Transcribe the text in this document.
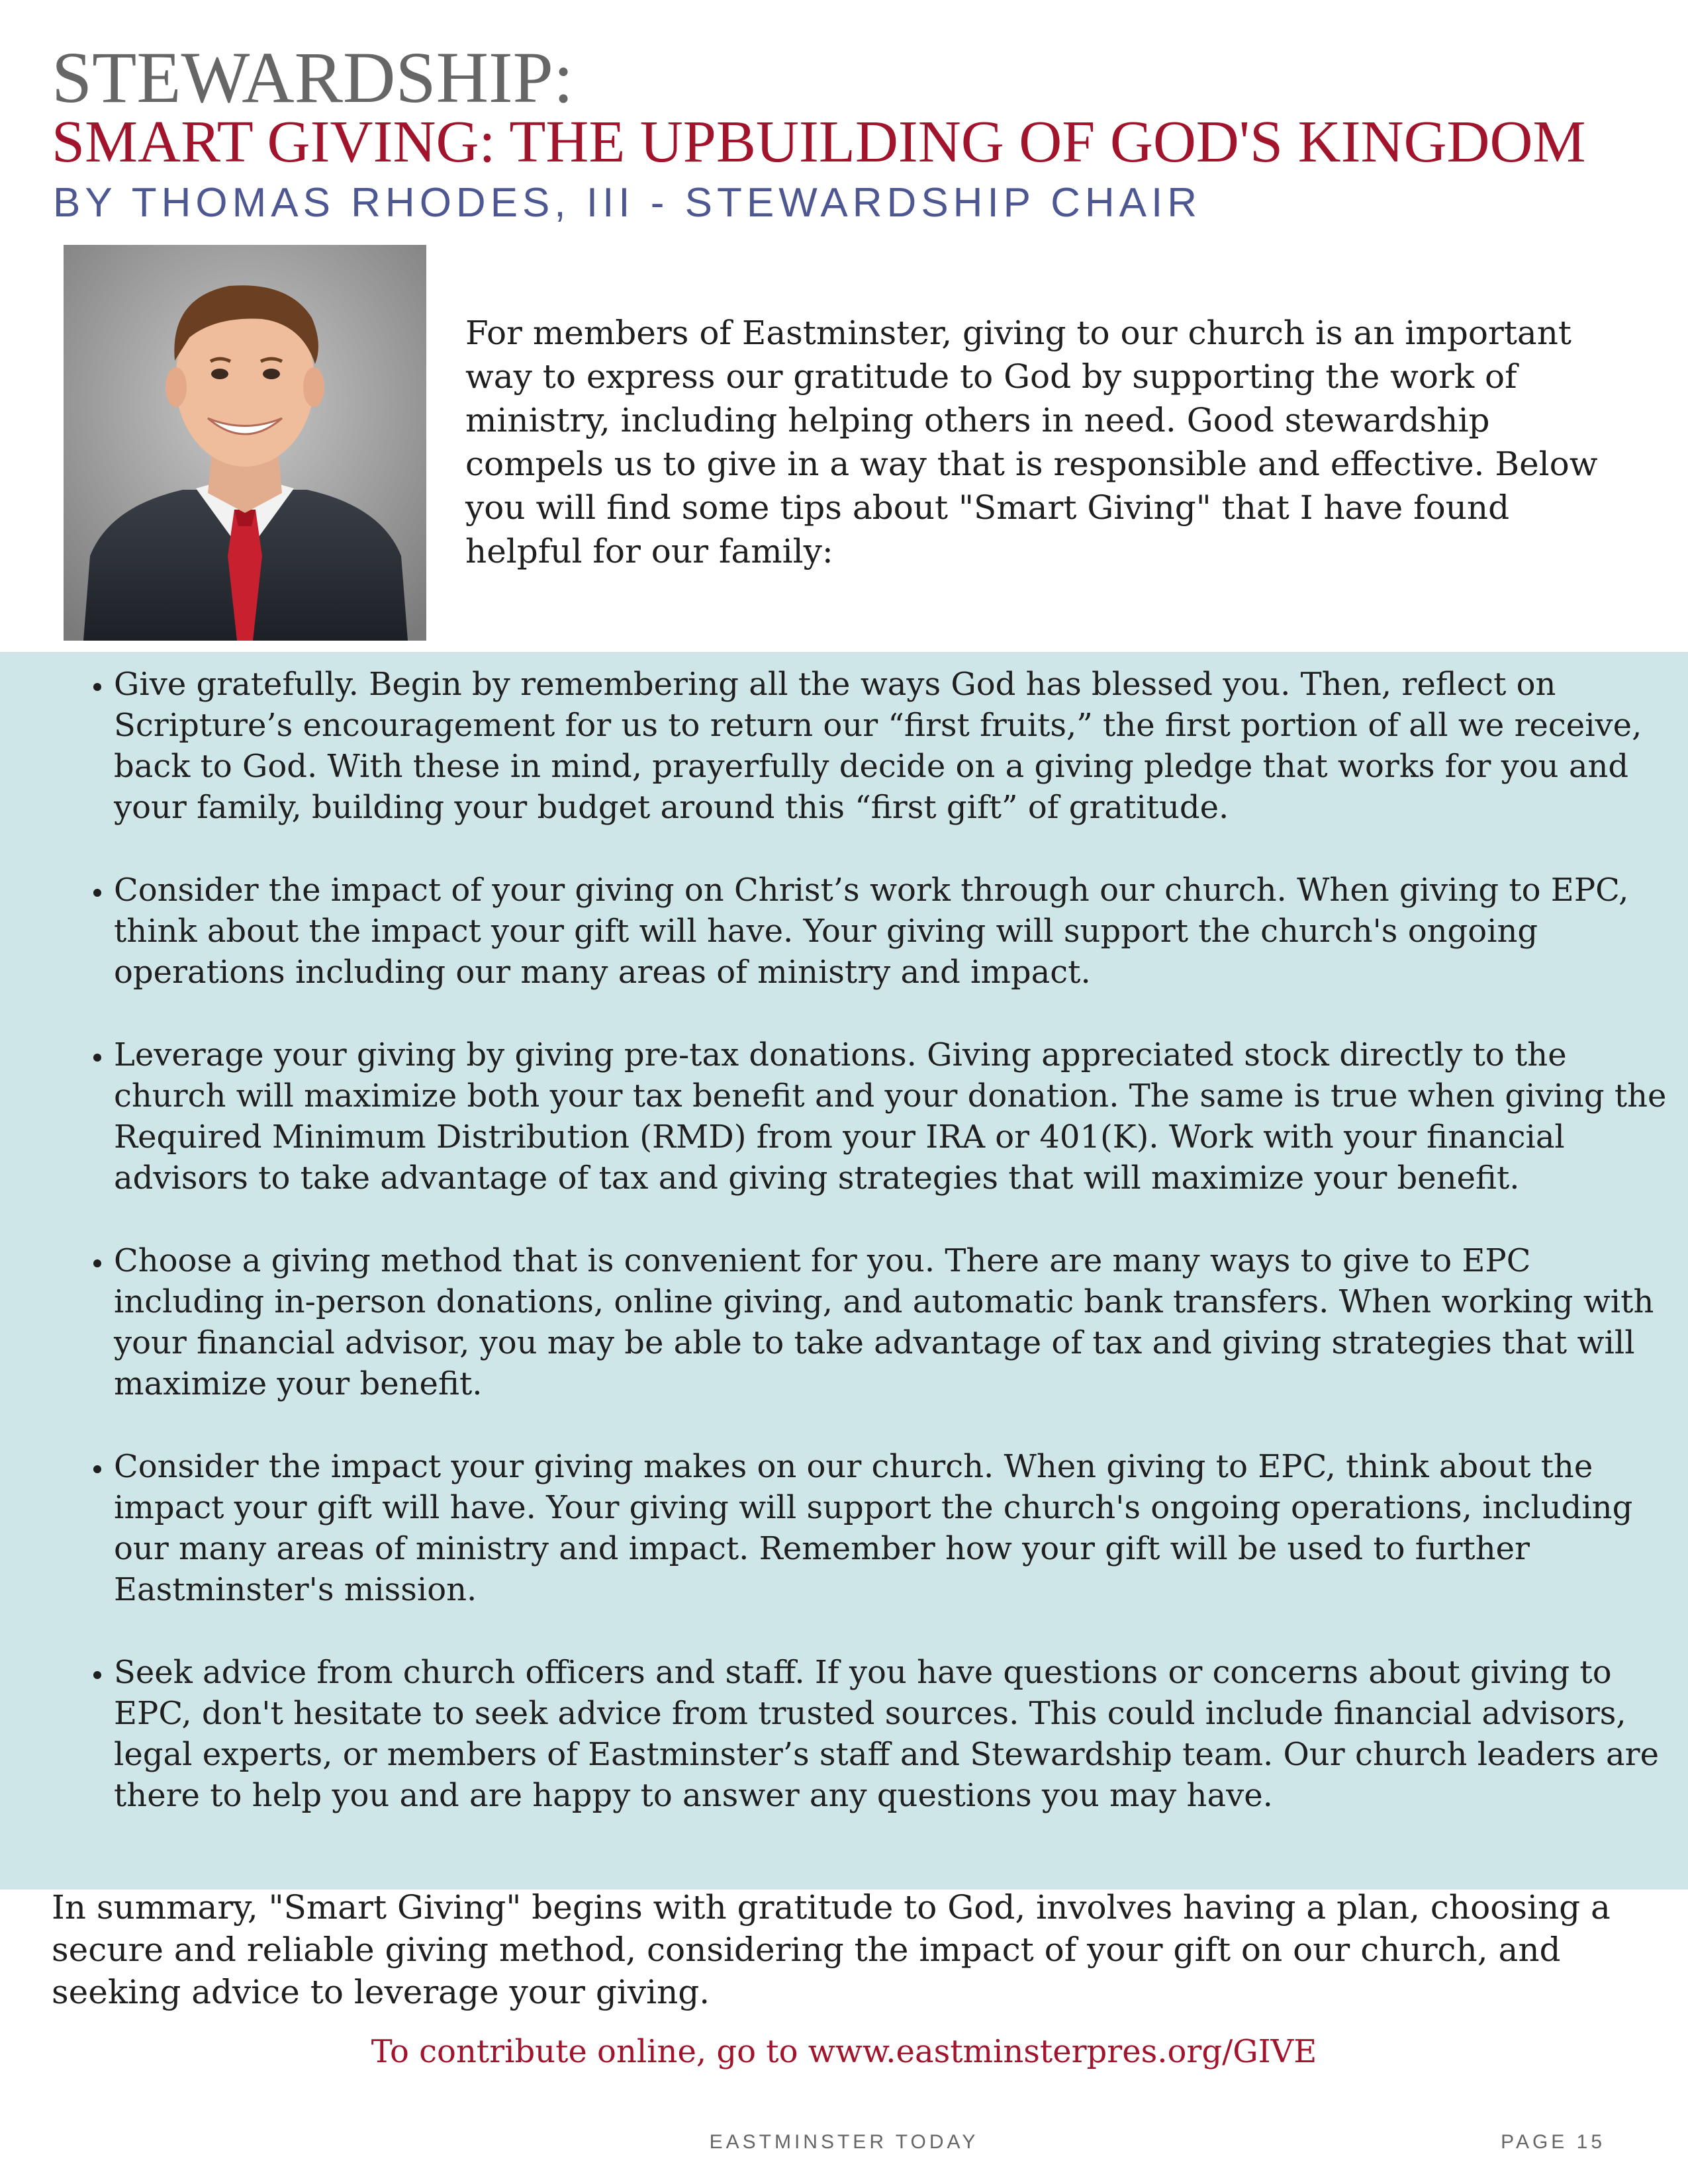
STEWARDSHIP:
SMART GIVING: THE UPBUILDING OF GOD'S KINGDOM
BY THOMAS RHODES, III - STEWARDSHIP CHAIR

For members of Eastminster, giving to our church is an important way to express our gratitude to God by supporting the work of ministry, including helping others in need. Good stewardship compels us to give in a way that is responsible and effective. Below you will find some tips about "Smart Giving" that I have found helpful for our family:

• Give gratefully. Begin by remembering all the ways God has blessed you. Then, reflect on Scripture’s encouragement for us to return our “first fruits,” the first portion of all we receive, back to God. With these in mind, prayerfully decide on a giving pledge that works for you and your family, building your budget around this “first gift” of gratitude.
• Consider the impact of your giving on Christ’s work through our church. When giving to EPC, think about the impact your gift will have. Your giving will support the church's ongoing operations including our many areas of ministry and impact.
• Leverage your giving by giving pre-tax donations. Giving appreciated stock directly to the church will maximize both your tax benefit and your donation. The same is true when giving the Required Minimum Distribution (RMD) from your IRA or 401(K). Work with your financial advisors to take advantage of tax and giving strategies that will maximize your benefit.
• Choose a giving method that is convenient for you. There are many ways to give to EPC including in-person donations, online giving, and automatic bank transfers. When working with your financial advisor, you may be able to take advantage of tax and giving strategies that will maximize your benefit.
• Consider the impact your giving makes on our church. When giving to EPC, think about the impact your gift will have. Your giving will support the church's ongoing operations, including our many areas of ministry and impact. Remember how your gift will be used to further Eastminster's mission.
• Seek advice from church officers and staff. If you have questions or concerns about giving to EPC, don't hesitate to seek advice from trusted sources. This could include financial advisors, legal experts, or members of Eastminster’s staff and Stewardship team. Our church leaders are there to help you and are happy to answer any questions you may have.

In summary, "Smart Giving" begins with gratitude to God, involves having a plan, choosing a secure and reliable giving method, considering the impact of your gift on our church, and seeking advice to leverage your giving.

To contribute online, go to www.eastminsterpres.org/GIVE
EASTMINSTER TODAY	PAGE 15
